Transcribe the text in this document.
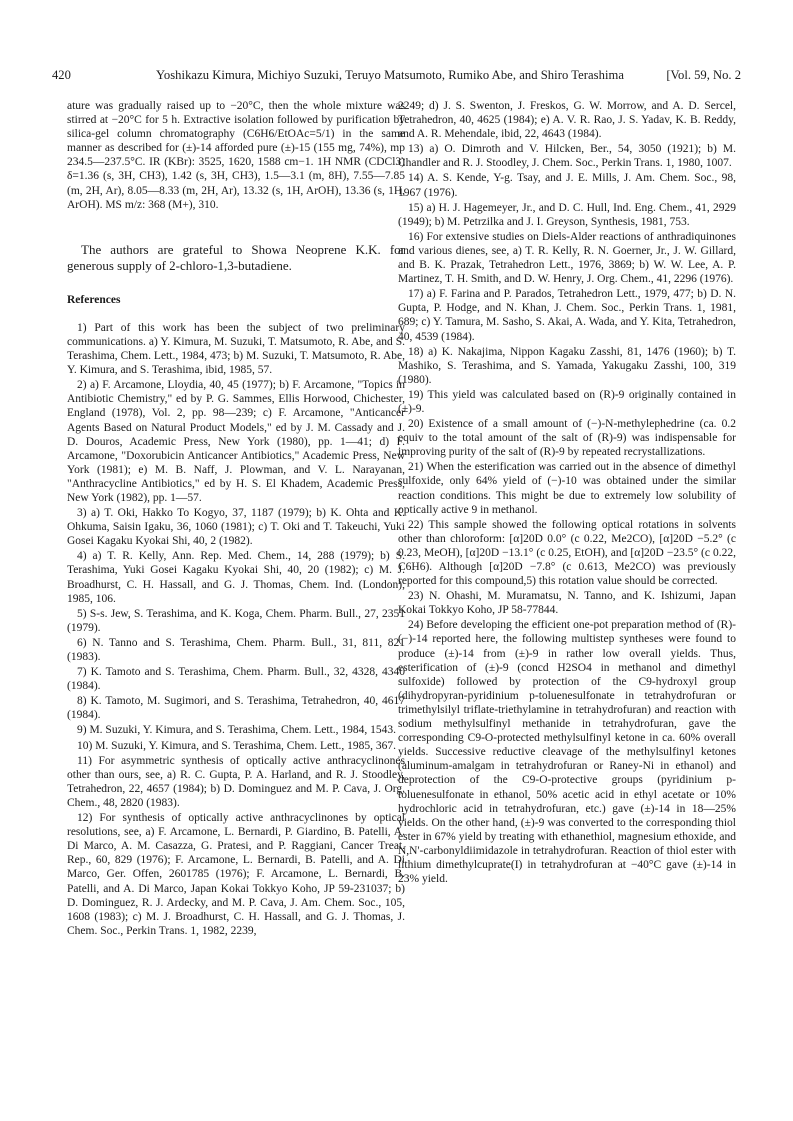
420	Yoshikazu Kimura, Michiyo Suzuki, Teruyo Matsumoto, Rumiko Abe, and Shiro Terashima	[Vol. 59, No. 2

ature was gradually raised up to −20°C, then the whole mixture was stirred at −20°C for 5 h. Extractive isolation followed by purification by silica-gel column chromatography (C6H6/EtOAc=5/1) in the same manner as described for (±)-14 afforded pure (±)-15 (155 mg, 74%), mp 234.5—237.5°C. IR (KBr): 3525, 1620, 1588 cm−1. 1H NMR (CDCl3) δ=1.36 (s, 3H, CH3), 1.42 (s, 3H, CH3), 1.5—3.1 (m, 8H), 7.55—7.85 (m, 2H, Ar), 8.05—8.33 (m, 2H, Ar), 13.32 (s, 1H, ArOH), 13.36 (s, 1H, ArOH). MS m/z: 368 (M+), 310.

The authors are grateful to Showa Neoprene K.K. for generous supply of 2-chloro-1,3-butadiene.

References

1) Part of this work has been the subject of two preliminary communications. a) Y. Kimura, M. Suzuki, T. Matsumoto, R. Abe, and S. Terashima, Chem. Lett., 1984, 473; b) M. Suzuki, T. Matsumoto, R. Abe, Y. Kimura, and S. Terashima, ibid, 1985, 57.

2) a) F. Arcamone, Lloydia, 40, 45 (1977); b) F. Arcamone, "Topics in Antibiotic Chemistry," ed by P. G. Sammes, Ellis Horwood, Chichester, England (1978), Vol. 2, pp. 98—239; c) F. Arcamone, "Anticancer Agents Based on Natural Product Models," ed by J. M. Cassady and J. D. Douros, Academic Press, New York (1980), pp. 1—41; d) F. Arcamone, "Doxorubicin Anticancer Antibiotics," Academic Press, New York (1981); e) M. B. Naff, J. Plowman, and V. L. Narayanan, "Anthracycline Antibiotics," ed by H. S. El Khadem, Academic Press, New York (1982), pp. 1—57.

3) a) T. Oki, Hakko To Kogyo, 37, 1187 (1979); b) K. Ohta and K. Ohkuma, Saisin Igaku, 36, 1060 (1981); c) T. Oki and T. Takeuchi, Yuki Gosei Kagaku Kyokai Shi, 40, 2 (1982).

4) a) T. R. Kelly, Ann. Rep. Med. Chem., 14, 288 (1979); b) S. Terashima, Yuki Gosei Kagaku Kyokai Shi, 40, 20 (1982); c) M. J. Broadhurst, C. H. Hassall, and G. J. Thomas, Chem. Ind. (London), 1985, 106.

5) S-s. Jew, S. Terashima, and K. Koga, Chem. Pharm. Bull., 27, 2351 (1979).

6) N. Tanno and S. Terashima, Chem. Pharm. Bull., 31, 811, 821 (1983).

7) K. Tamoto and S. Terashima, Chem. Pharm. Bull., 32, 4328, 4340 (1984).

8) K. Tamoto, M. Sugimori, and S. Terashima, Tetrahedron, 40, 4617 (1984).

9) M. Suzuki, Y. Kimura, and S. Terashima, Chem. Lett., 1984, 1543.

10) M. Suzuki, Y. Kimura, and S. Terashima, Chem. Lett., 1985, 367.

11) For asymmetric synthesis of optically active anthracyclinones other than ours, see, a) R. C. Gupta, P. A. Harland, and R. J. Stoodley, Tetrahedron, 22, 4657 (1984); b) D. Dominguez and M. P. Cava, J. Org. Chem., 48, 2820 (1983).

12) For synthesis of optically active anthracyclinones by optical resolutions, see, a) F. Arcamone, L. Bernardi, P. Giardino, B. Patelli, A. Di Marco, A. M. Casazza, G. Pratesi, and P. Raggiani, Cancer Treat. Rep., 60, 829 (1976); F. Arcamone, L. Bernardi, B. Patelli, and A. Di Marco, Ger. Offen, 2601785 (1976); F. Arcamone, L. Bernardi, B. Patelli, and A. Di Marco, Japan Kokai Tokkyo Koho, JP 59-231037; b) D. Dominguez, R. J. Ardecky, and M. P. Cava, J. Am. Chem. Soc., 105, 1608 (1983); c) M. J. Broadhurst, C. H. Hassall, and G. J. Thomas, J. Chem. Soc., Perkin Trans. 1, 1982, 2239,

2249; d) J. S. Swenton, J. Freskos, G. W. Morrow, and A. D. Sercel, Tetrahedron, 40, 4625 (1984); e) A. V. R. Rao, J. S. Yadav, K. B. Reddy, and A. R. Mehendale, ibid, 22, 4643 (1984).

13) a) O. Dimroth and V. Hilcken, Ber., 54, 3050 (1921); b) M. Chandler and R. J. Stoodley, J. Chem. Soc., Perkin Trans. 1, 1980, 1007.

14) A. S. Kende, Y-g. Tsay, and J. E. Mills, J. Am. Chem. Soc., 98, 1967 (1976).

15) a) H. J. Hagemeyer, Jr., and D. C. Hull, Ind. Eng. Chem., 41, 2929 (1949); b) M. Petrzilka and J. I. Greyson, Synthesis, 1981, 753.

16) For extensive studies on Diels-Alder reactions of anthradiquinones and various dienes, see, a) T. R. Kelly, R. N. Goerner, Jr., J. W. Gillard, and B. K. Prazak, Tetrahedron Lett., 1976, 3869; b) W. W. Lee, A. P. Martinez, T. H. Smith, and D. W. Henry, J. Org. Chem., 41, 2296 (1976).

17) a) F. Farina and P. Parados, Tetrahedron Lett., 1979, 477; b) D. N. Gupta, P. Hodge, and N. Khan, J. Chem. Soc., Perkin Trans. 1, 1981, 689; c) Y. Tamura, M. Sasho, S. Akai, A. Wada, and Y. Kita, Tetrahedron, 40, 4539 (1984).

18) a) K. Nakajima, Nippon Kagaku Zasshi, 81, 1476 (1960); b) T. Mashiko, S. Terashima, and S. Yamada, Yakugaku Zasshi, 100, 319 (1980).

19) This yield was calculated based on (R)-9 originally contained in (±)-9.

20) Existence of a small amount of (−)-N-methylephedrine (ca. 0.2 equiv to the total amount of the salt of (R)-9) was indispensable for improving purity of the salt of (R)-9 by repeated recrystallizations.

21) When the esterification was carried out in the absence of dimethyl sulfoxide, only 64% yield of (−)-10 was obtained under the similar reaction conditions. This might be due to extremely low solubility of optically active 9 in methanol.

22) This sample showed the following optical rotations in solvents other than chloroform: [α]20D 0.0° (c 0.22, Me2CO), [α]20D −5.2° (c 0.23, MeOH), [α]20D −13.1° (c 0.25, EtOH), and [α]20D −23.5° (c 0.22, C6H6). Although [α]20D −7.8° (c 0.613, Me2CO) was previously reported for this compound,5) this rotation value should be corrected.

23) N. Ohashi, M. Muramatsu, N. Tanno, and K. Ishizumi, Japan Kokai Tokkyo Koho, JP 58-77844.

24) Before developing the efficient one-pot preparation method of (R)-(−)-14 reported here, the following multistep syntheses were found to produce (±)-14 from (±)-9 in rather low overall yields. Thus, esterification of (±)-9 (concd H2SO4 in methanol and dimethyl sulfoxide) followed by protection of the C9-hydroxyl group (dihydropyran-pyridinium p-toluenesulfonate in tetrahydrofuran or trimethylsilyl triflate-triethylamine in tetrahydrofuran) and reaction with sodium methylsulfinyl methanide in tetrahydrofuran, gave the corresponding C9-O-protected methylsulfinyl ketone in ca. 60% overall yields. Successive reductive cleavage of the methylsulfinyl ketones (aluminum-amalgam in tetrahydrofuran or Raney-Ni in ethanol) and deprotection of the C9-O-protective groups (pyridinium p-toluenesulfonate in ethanol, 50% acetic acid in ethyl acetate or 10% hydrochloric acid in tetrahydrofuran, etc.) gave (±)-14 in 18—25% yields. On the other hand, (±)-9 was converted to the corresponding thiol ester in 67% yield by treating with ethanethiol, magnesium ethoxide, and N,N'-carbonyldiimidazole in tetrahydrofuran. Reaction of thiol ester with lithium dimethylcuprate(I) in tetrahydrofuran at −40°C gave (±)-14 in 23% yield.
